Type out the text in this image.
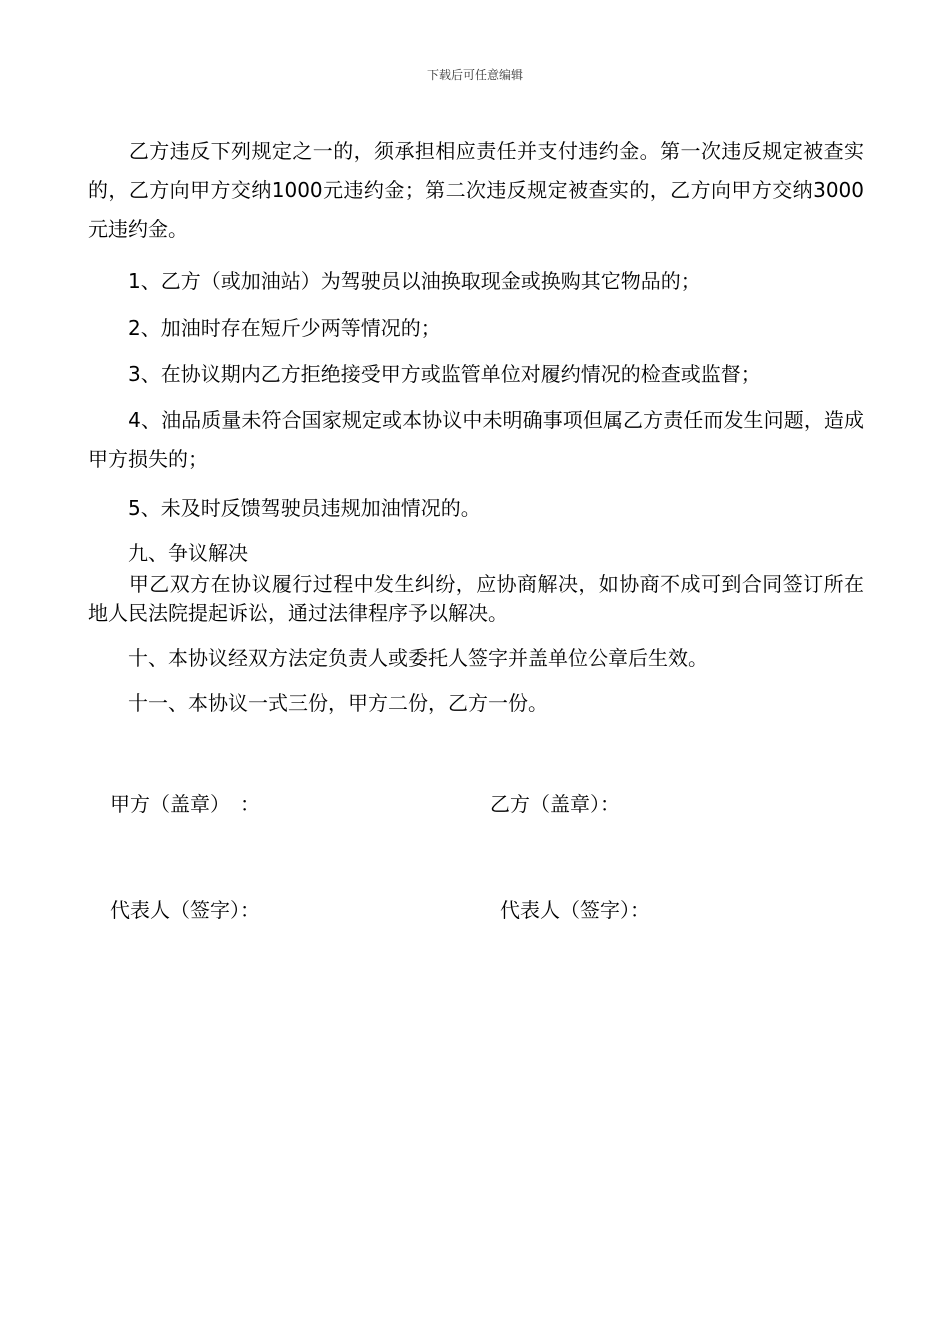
下载后可任意编辑

　　乙方违反下列规定之一的，须承担相应责任并支付违约金。第一次违反规定被查实的，乙方向甲方交纳1000元违约金；第二次违反规定被查实的，乙方向甲方交纳3000元违约金。

　　1、乙方（或加油站）为驾驶员以油换取现金或换购其它物品的；

　　2、加油时存在短斤少两等情况的；

　　3、在协议期内乙方拒绝接受甲方或监管单位对履约情况的检查或监督；

　　4、油品质量未符合国家规定或本协议中未明确事项但属乙方责任而发生问题，造成甲方损失的；

　　5、未及时反馈驾驶员违规加油情况的。

　　九、争议解决

　　甲乙双方在协议履行过程中发生纠纷，应协商解决，如协商不成可到合同签订所在地人民法院提起诉讼，通过法律程序予以解决。

　　十、本协议经双方法定负责人或委托人签字并盖单位公章后生效。

　　十一、本协议一式三份，甲方二份，乙方一份。

甲方（盖章）　：	乙方（盖章）：
代表人（签字）：	代表人（签字）：
